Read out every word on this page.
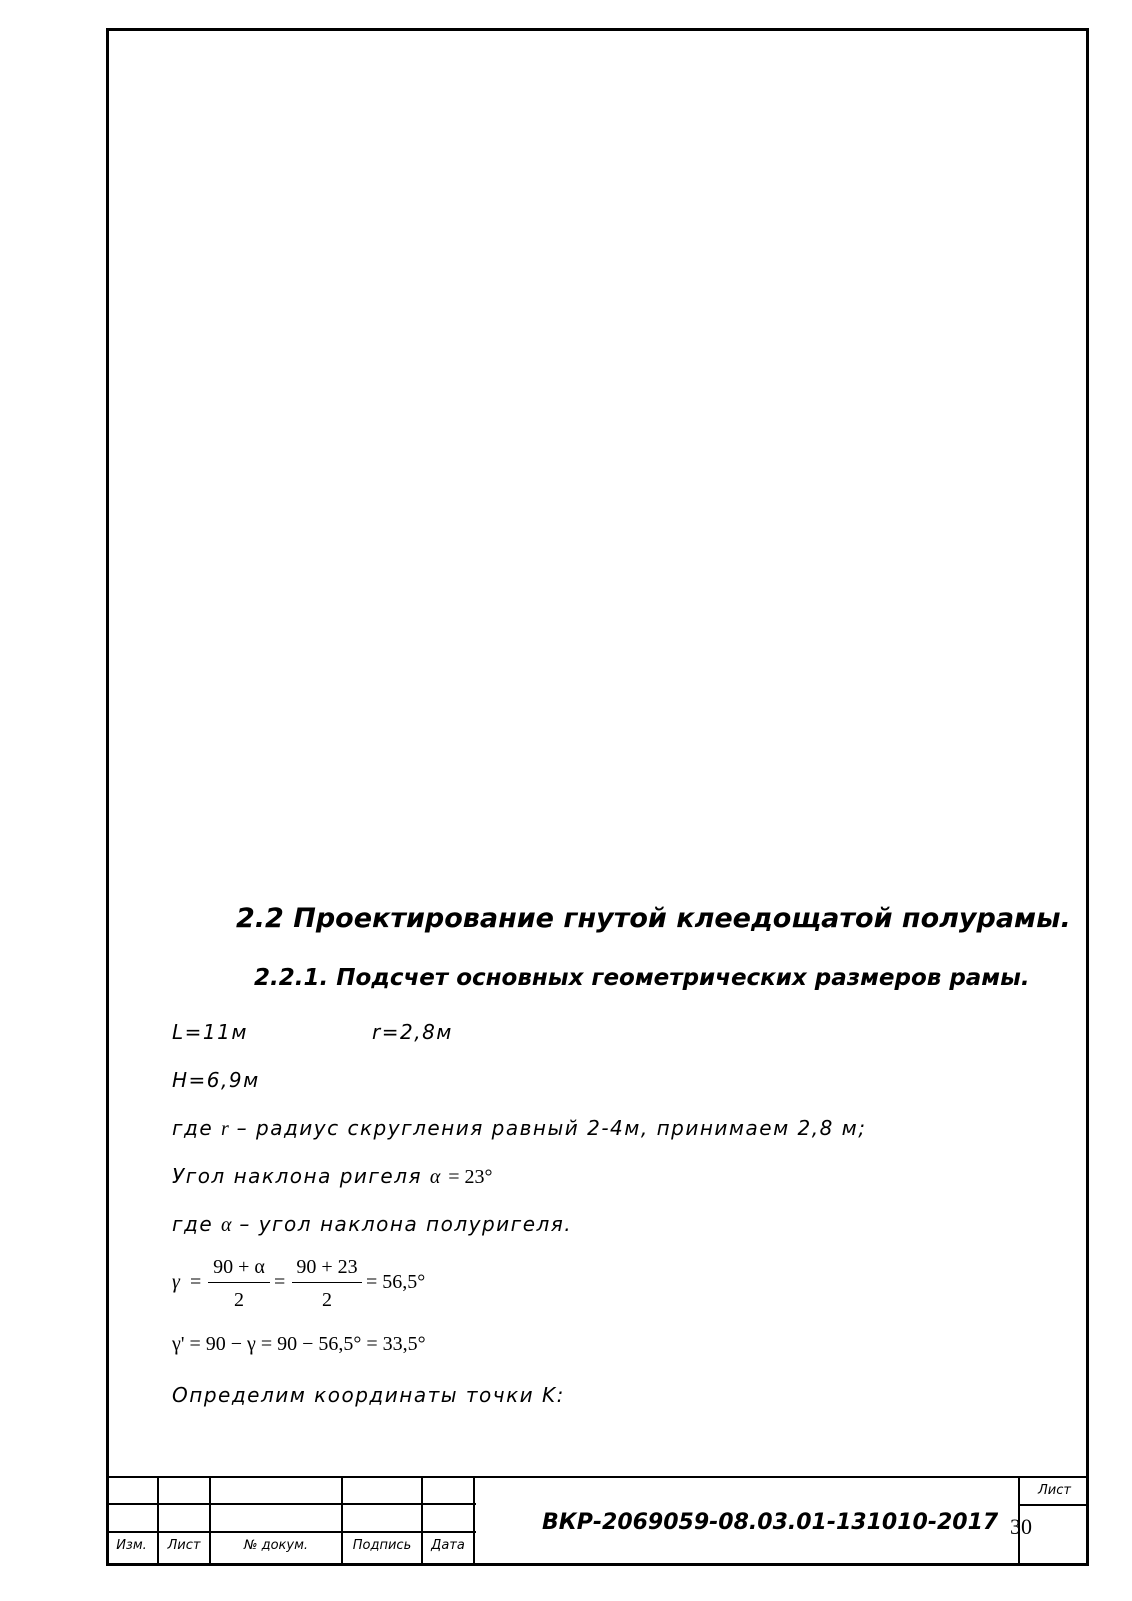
2.2 Проектирование гнутой клеедощатой полурамы.
2.2.1. Подсчет основных геометрических размеров рамы.
L=11м	r=2,8м
H=6,9м
где r – радиус скругления равный 2-4м, принимаем 2,8 м;
Угол наклона ригеля α = 23°
где α – угол наклона полуригеля.
$\gamma = \frac{90 + \alpha}{2} = \frac{90 + 23}{2} = 56,5^\circ$
γ' = 90 − γ = 90 − 56,5° = 33,5°
Определим координаты точки K:
Изм.	Лист	№ докум.	Подпись	Дата
ВКР-2069059-08.03.01-131010-2017
Лист
30
